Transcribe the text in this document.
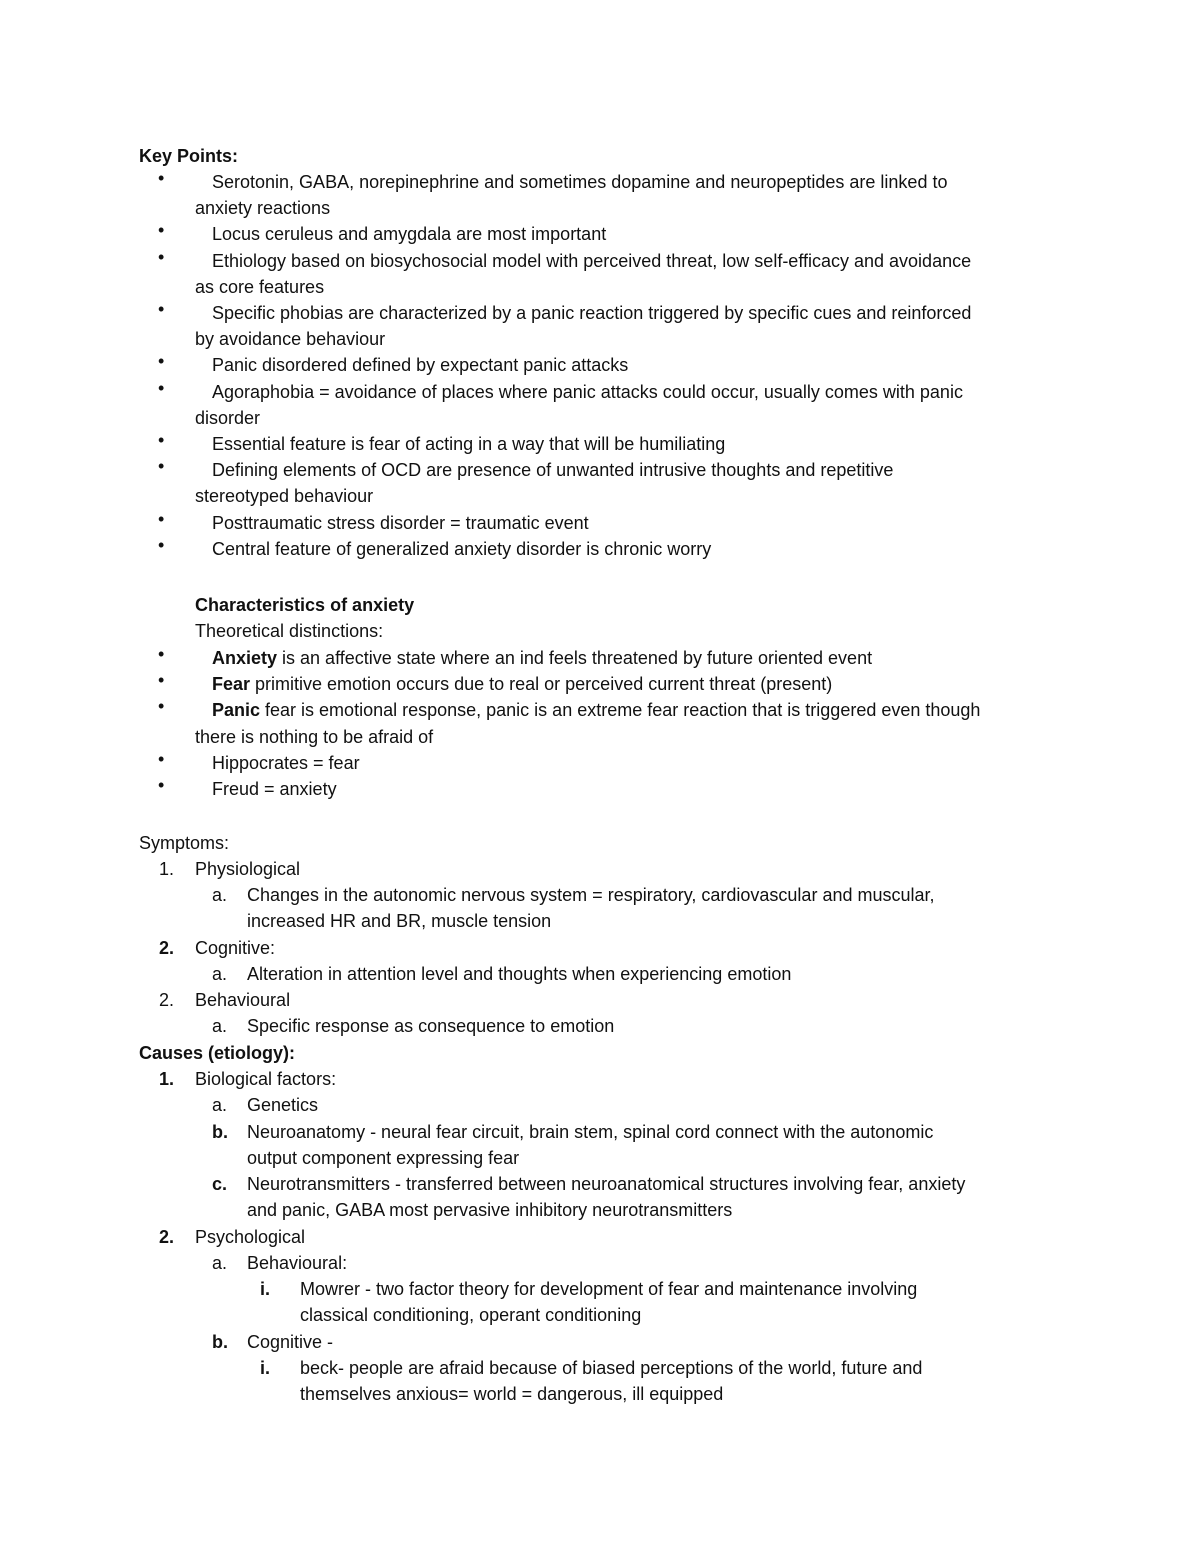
Key Points:
•	Serotonin, GABA, norepinephrine and sometimes dopamine and neuropeptides are linked to
anxiety reactions
•	Locus ceruleus and amygdala are most important
•	Ethiology based on biosychosocial model with perceived threat, low self-efficacy and avoidance
as core features
•	Specific phobias are characterized by a panic reaction triggered by specific cues and reinforced
by avoidance behaviour
•	Panic disordered defined by expectant panic attacks
•	Agoraphobia = avoidance of places where panic attacks could occur, usually comes with panic
disorder
•	Essential feature is fear of acting in a way that will be humiliating
•	Defining elements of OCD are presence of unwanted intrusive thoughts and repetitive
stereotyped behaviour
•	Posttraumatic stress disorder = traumatic event
•	Central feature of generalized anxiety disorder is chronic worry
Characteristics of anxiety
Theoretical distinctions:
•	Anxiety is an affective state where an ind feels threatened by future oriented event
•	Fear primitive emotion occurs due to real or perceived current threat (present)
•	Panic fear is emotional response, panic is an extreme fear reaction that is triggered even though
there is nothing to be afraid of
•	Hippocrates = fear
•	Freud = anxiety
Symptoms:
1. Physiological
a. Changes in the autonomic nervous system = respiratory, cardiovascular and muscular,
increased HR and BR, muscle tension
2. Cognitive:
a. Alteration in attention level and thoughts when experiencing emotion
2. Behavioural
a. Specific response as consequence to emotion
Causes (etiology):
1. Biological factors:
a. Genetics
b. Neuroanatomy - neural fear circuit, brain stem, spinal cord connect with the autonomic
output component expressing fear
c. Neurotransmitters - transferred between neuroanatomical structures involving fear, anxiety
and panic, GABA most pervasive inhibitory neurotransmitters
2. Psychological
a. Behavioural:
i. Mowrer - two factor theory for development of fear and maintenance involving
classical conditioning, operant conditioning
b. Cognitive -
i. beck- people are afraid because of biased perceptions of the world, future and
themselves anxious= world = dangerous, ill equipped
